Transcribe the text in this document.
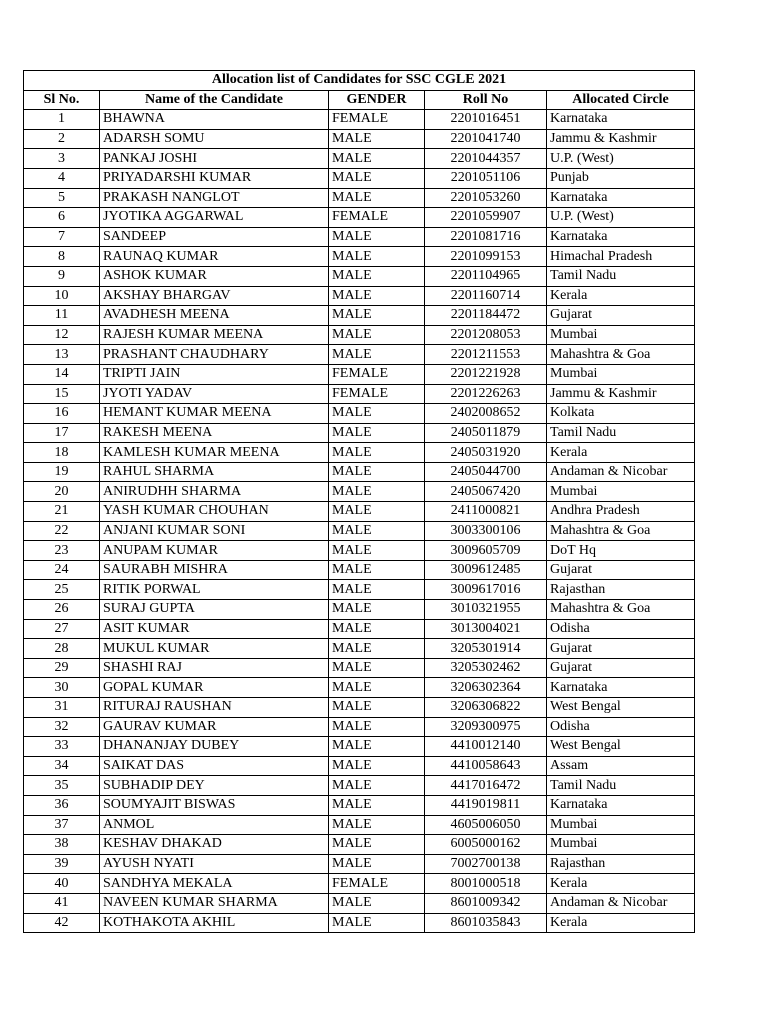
Allocation list of Candidates for SSC CGLE 2021				
Sl No.	Name of the Candidate	GENDER	Roll No	Allocated Circle
1	BHAWNA	FEMALE	2201016451	Karnataka
2	ADARSH SOMU	MALE	2201041740	Jammu & Kashmir
3	PANKAJ JOSHI	MALE	2201044357	U.P. (West)
4	PRIYADARSHI KUMAR	MALE	2201051106	Punjab
5	PRAKASH NANGLOT	MALE	2201053260	Karnataka
6	JYOTIKA AGGARWAL	FEMALE	2201059907	U.P. (West)
7	SANDEEP	MALE	2201081716	Karnataka
8	RAUNAQ KUMAR	MALE	2201099153	Himachal Pradesh
9	ASHOK KUMAR	MALE	2201104965	Tamil Nadu
10	AKSHAY BHARGAV	MALE	2201160714	Kerala
11	AVADHESH MEENA	MALE	2201184472	Gujarat
12	RAJESH KUMAR MEENA	MALE	2201208053	Mumbai
13	PRASHANT CHAUDHARY	MALE	2201211553	Mahashtra & Goa
14	TRIPTI JAIN	FEMALE	2201221928	Mumbai
15	JYOTI YADAV	FEMALE	2201226263	Jammu & Kashmir
16	HEMANT KUMAR MEENA	MALE	2402008652	Kolkata
17	RAKESH MEENA	MALE	2405011879	Tamil Nadu
18	KAMLESH KUMAR MEENA	MALE	2405031920	Kerala
19	RAHUL SHARMA	MALE	2405044700	Andaman & Nicobar
20	ANIRUDHH SHARMA	MALE	2405067420	Mumbai
21	YASH KUMAR CHOUHAN	MALE	2411000821	Andhra Pradesh
22	ANJANI KUMAR SONI	MALE	3003300106	Mahashtra & Goa
23	ANUPAM KUMAR	MALE	3009605709	DoT Hq
24	SAURABH MISHRA	MALE	3009612485	Gujarat
25	RITIK PORWAL	MALE	3009617016	Rajasthan
26	SURAJ GUPTA	MALE	3010321955	Mahashtra & Goa
27	ASIT KUMAR	MALE	3013004021	Odisha
28	MUKUL KUMAR	MALE	3205301914	Gujarat
29	SHASHI RAJ	MALE	3205302462	Gujarat
30	GOPAL KUMAR	MALE	3206302364	Karnataka
31	RITURAJ RAUSHAN	MALE	3206306822	West Bengal
32	GAURAV KUMAR	MALE	3209300975	Odisha
33	DHANANJAY DUBEY	MALE	4410012140	West Bengal
34	SAIKAT DAS	MALE	4410058643	Assam
35	SUBHADIP DEY	MALE	4417016472	Tamil Nadu
36	SOUMYAJIT BISWAS	MALE	4419019811	Karnataka
37	ANMOL	MALE	4605006050	Mumbai
38	KESHAV DHAKAD	MALE	6005000162	Mumbai
39	AYUSH NYATI	MALE	7002700138	Rajasthan
40	SANDHYA MEKALA	FEMALE	8001000518	Kerala
41	NAVEEN KUMAR SHARMA	MALE	8601009342	Andaman & Nicobar
42	KOTHAKOTA AKHIL	MALE	8601035843	Kerala
